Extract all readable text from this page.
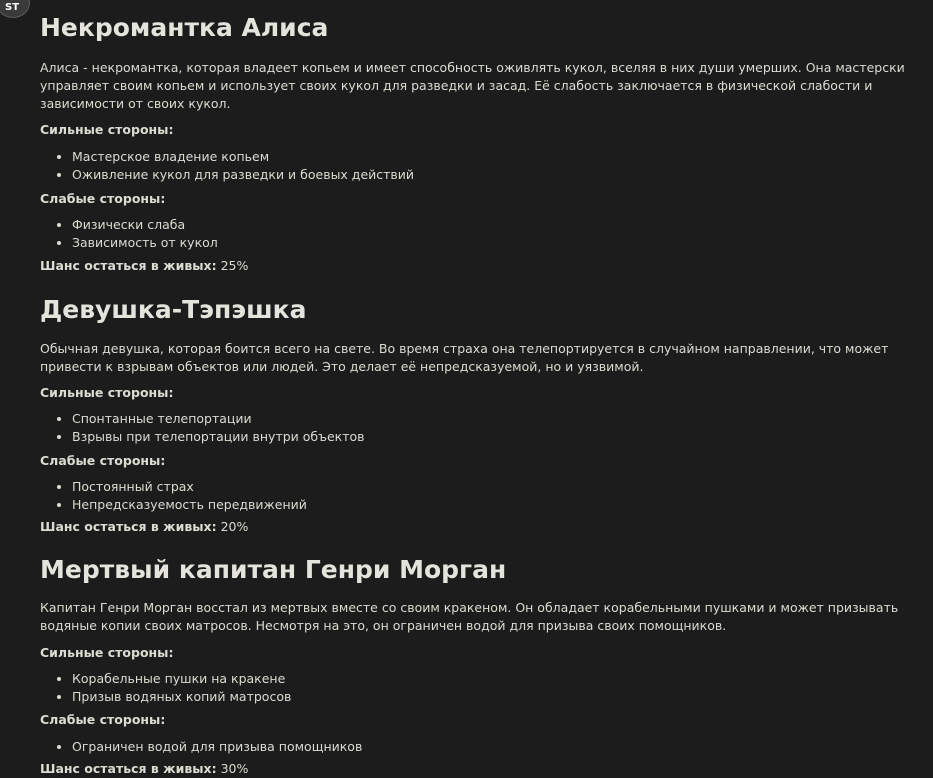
ST
Некромантка Алиса

Алиса - некромантка, которая владеет копьем и имеет способность оживлять кукол, вселяя в них души умерших. Она мастерски управляет своим копьем и использует своих кукол для разведки и засад. Её слабость заключается в физической слабости и зависимости от своих кукол.

Сильные стороны:

• Мастерское владение копьем
• Оживление кукол для разведки и боевых действий

Слабые стороны:

• Физически слаба
• Зависимость от кукол

Шанс остаться в живых: 25%

Девушка-Тэпэшка

Обычная девушка, которая боится всего на свете. Во время страха она телепортируется в случайном направлении, что может привести к взрывам объектов или людей. Это делает её непредсказуемой, но и уязвимой.

Сильные стороны:

• Спонтанные телепортации
• Взрывы при телепортации внутри объектов

Слабые стороны:

• Постоянный страх
• Непредсказуемость передвижений

Шанс остаться в живых: 20%

Мертвый капитан Генри Морган

Капитан Генри Морган восстал из мертвых вместе со своим кракеном. Он обладает корабельными пушками и может призывать водяные копии своих матросов. Несмотря на это, он ограничен водой для призыва своих помощников.

Сильные стороны:

• Корабельные пушки на кракене
• Призыв водяных копий матросов

Слабые стороны:

• Ограничен водой для призыва помощников

Шанс остаться в живых: 30%
